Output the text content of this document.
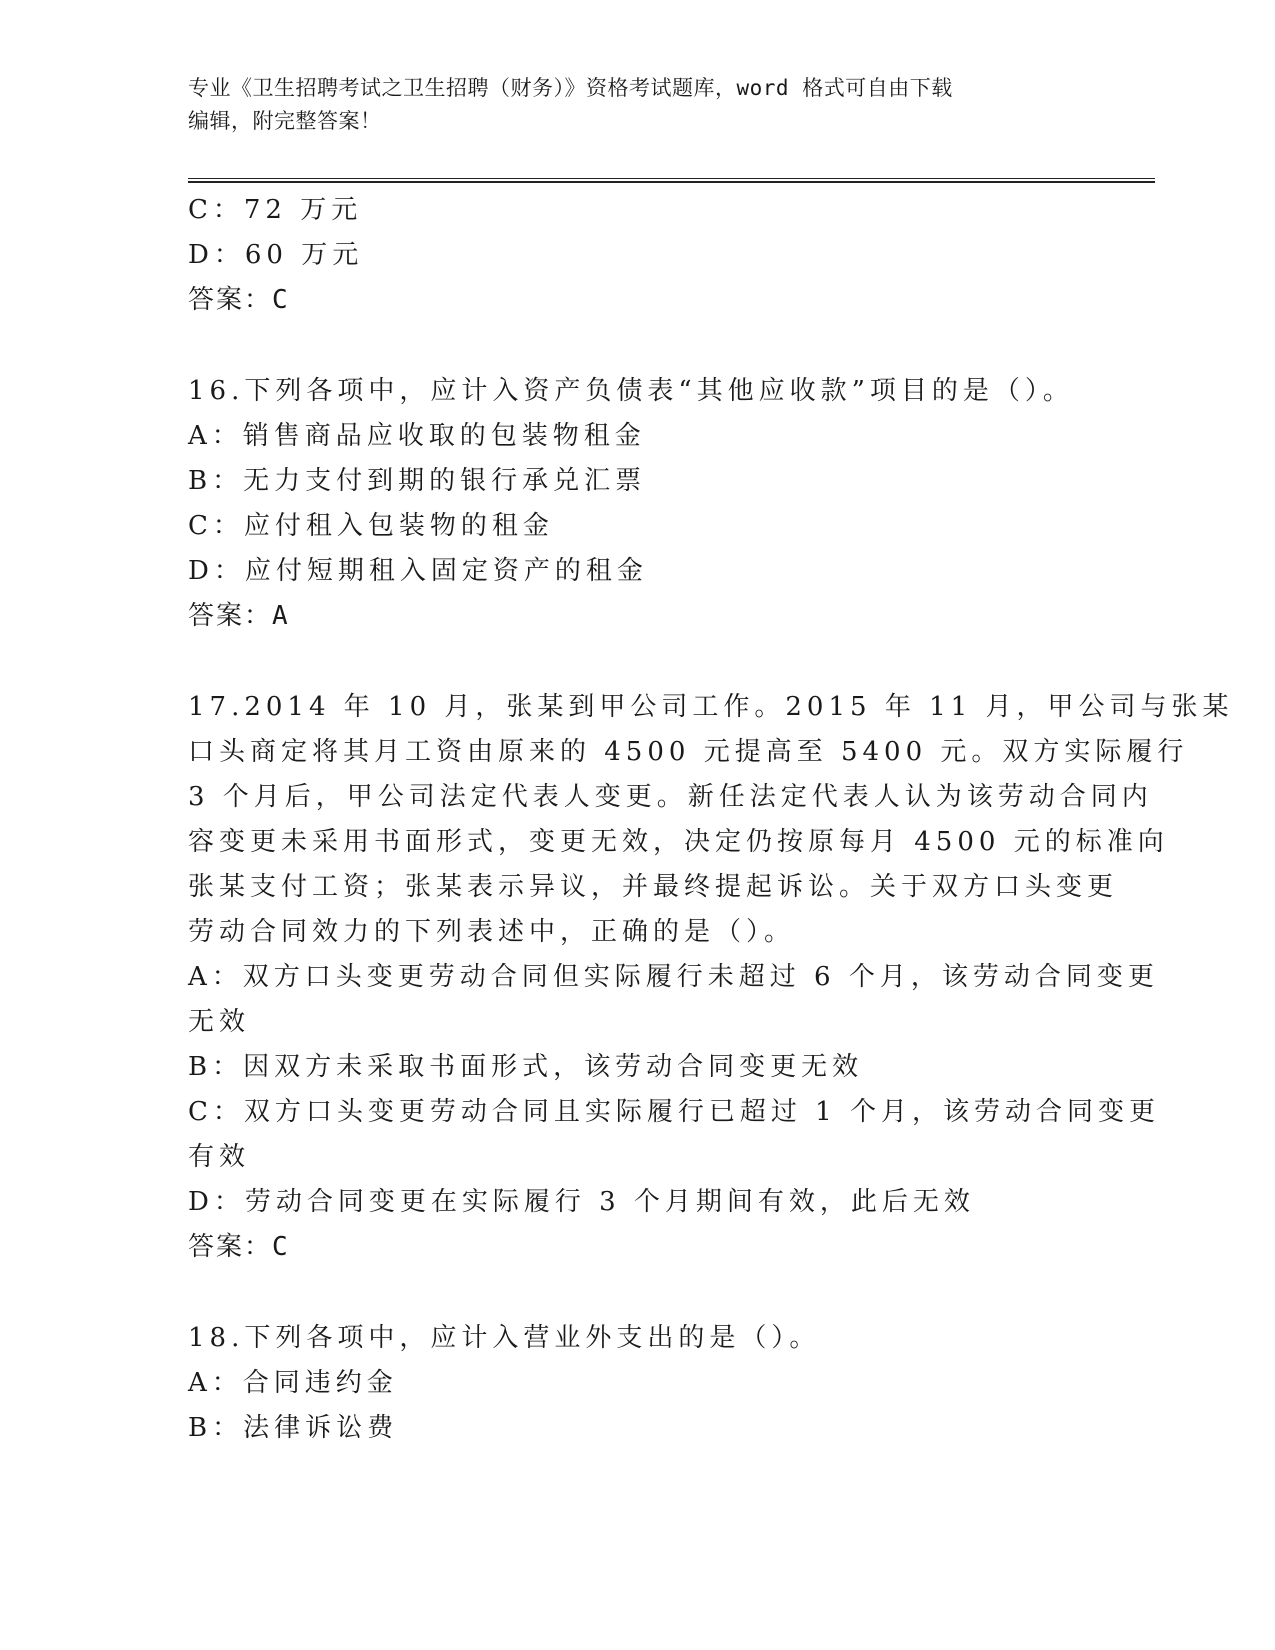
专业《卫生招聘考试之卫生招聘（财务）》资格考试题库，word 格式可自由下载
编辑，附完整答案！
C：72 万元
D：60 万元
答案：C
16.下列各项中，应计入资产负债表“其他应收款”项目的是（）。
A：销售商品应收取的包装物租金
B：无力支付到期的银行承兑汇票
C：应付租入包装物的租金
D：应付短期租入固定资产的租金
答案：A
17.2014 年 10 月，张某到甲公司工作。2015 年 11 月，甲公司与张某
口头商定将其月工资由原来的 4500 元提高至 5400 元。双方实际履行
3 个月后，甲公司法定代表人变更。新任法定代表人认为该劳动合同内
容变更未采用书面形式，变更无效，决定仍按原每月 4500 元的标准向
张某支付工资；张某表示异议，并最终提起诉讼。关于双方口头变更
劳动合同效力的下列表述中，正确的是（）。
A：双方口头变更劳动合同但实际履行未超过 6 个月，该劳动合同变更
无效
B：因双方未采取书面形式，该劳动合同变更无效
C：双方口头变更劳动合同且实际履行已超过 1 个月，该劳动合同变更
有效
D：劳动合同变更在实际履行 3 个月期间有效，此后无效
答案：C
18.下列各项中，应计入营业外支出的是（）。
A：合同违约金
B：法律诉讼费
